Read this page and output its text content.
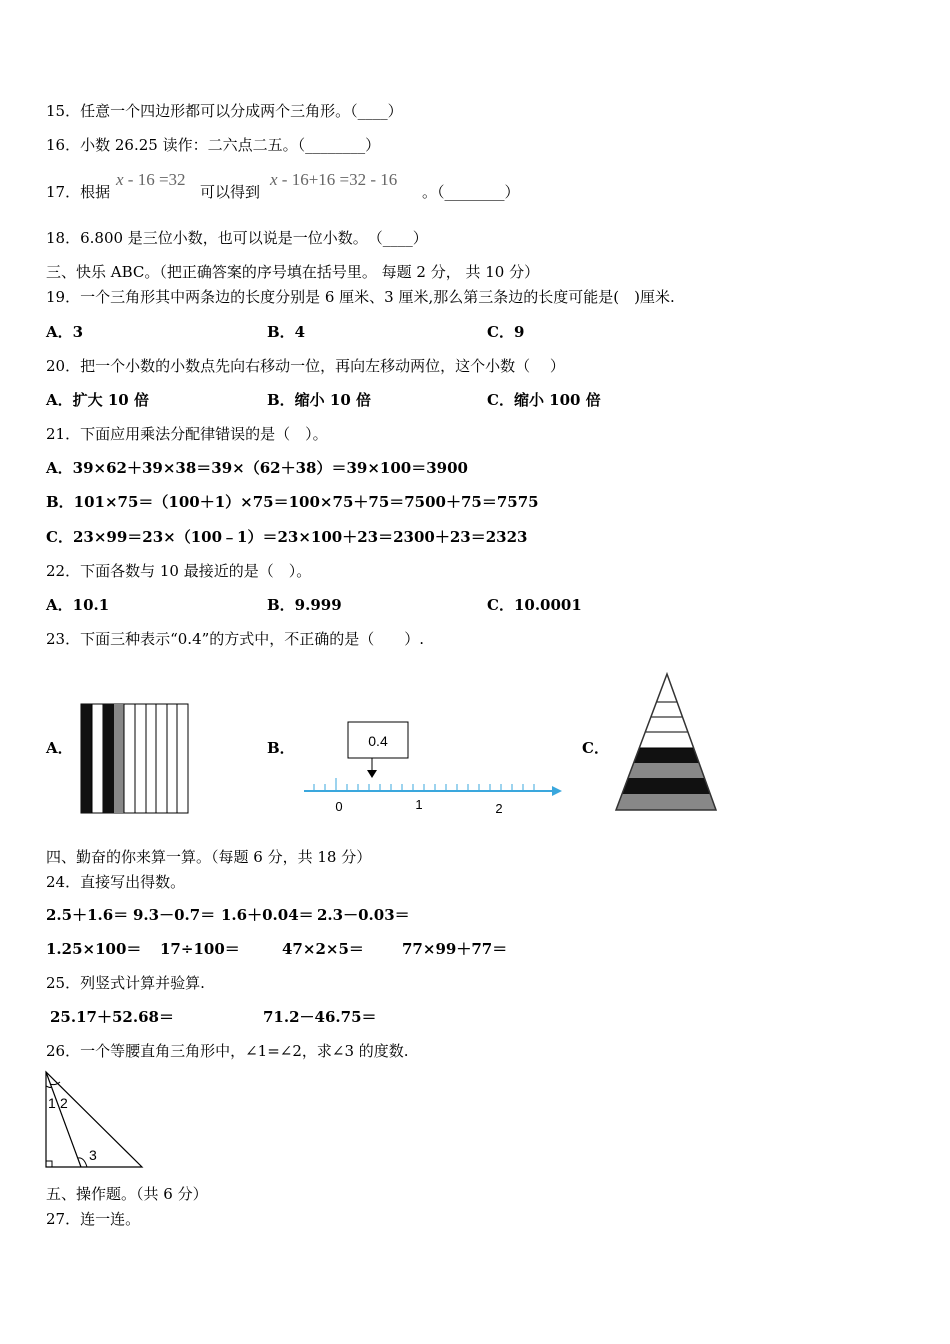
15．任意一个四边形都可以分成两个三角形。（____）
16．小数 26.25 读作：二六点二五。（________）
17．根据
x - 16 =32
可以得到
x - 16+16 =32 - 16
。（________）
18．6.800 是三位小数，也可以说是一位小数。　（____）
三、快乐 ABC。（把正确答案的序号填在括号里。 每题 2 分， 共 10 分）
19．一个三角形其中两条边的长度分别是 6 厘米、3 厘米,那么第三条边的长度可能是(　)厘米.
A．3	B．4	C．9
20．把一个小数的小数点先向右移动一位，再向左移动两位，这个小数（　 ）
A．扩大 10 倍	B．缩小 10 倍	C．缩小 100 倍
21．下面应用乘法分配律错误的是（　）。
A．39×62＋39×38＝39×（62＋38）＝39×100＝3900
B．101×75＝（100＋1）×75＝100×75＋75＝7500＋75＝7575
C．23×99＝23×（100﹣1）＝23×100＋23＝2300＋23＝2323
22．下面各数与 10 最接近的是（　）。
A．10.1	B．9.999	C．10.0001
23．下面三种表示“0.4”的方式中，不正确的是（　　）.
A．	B．	C．
0.4
0	1	2
四、勤奋的你来算一算。（每题 6 分，共 18 分）
24．直接写出得数。
2.5＋1.6＝ 9.3－0.7＝ 1.6＋0.04＝ 2.3－0.03＝
1.25×100＝ 17÷100＝	47×2×5＝	77×99＋77＝
25．列竖式计算并验算.
25.17＋52.68＝	71.2－46.75＝
26．一个等腰直角三角形中，∠1=∠2，求∠3 的度数.
1 2
3
五、操作题。（共 6 分）
27．连一连。
